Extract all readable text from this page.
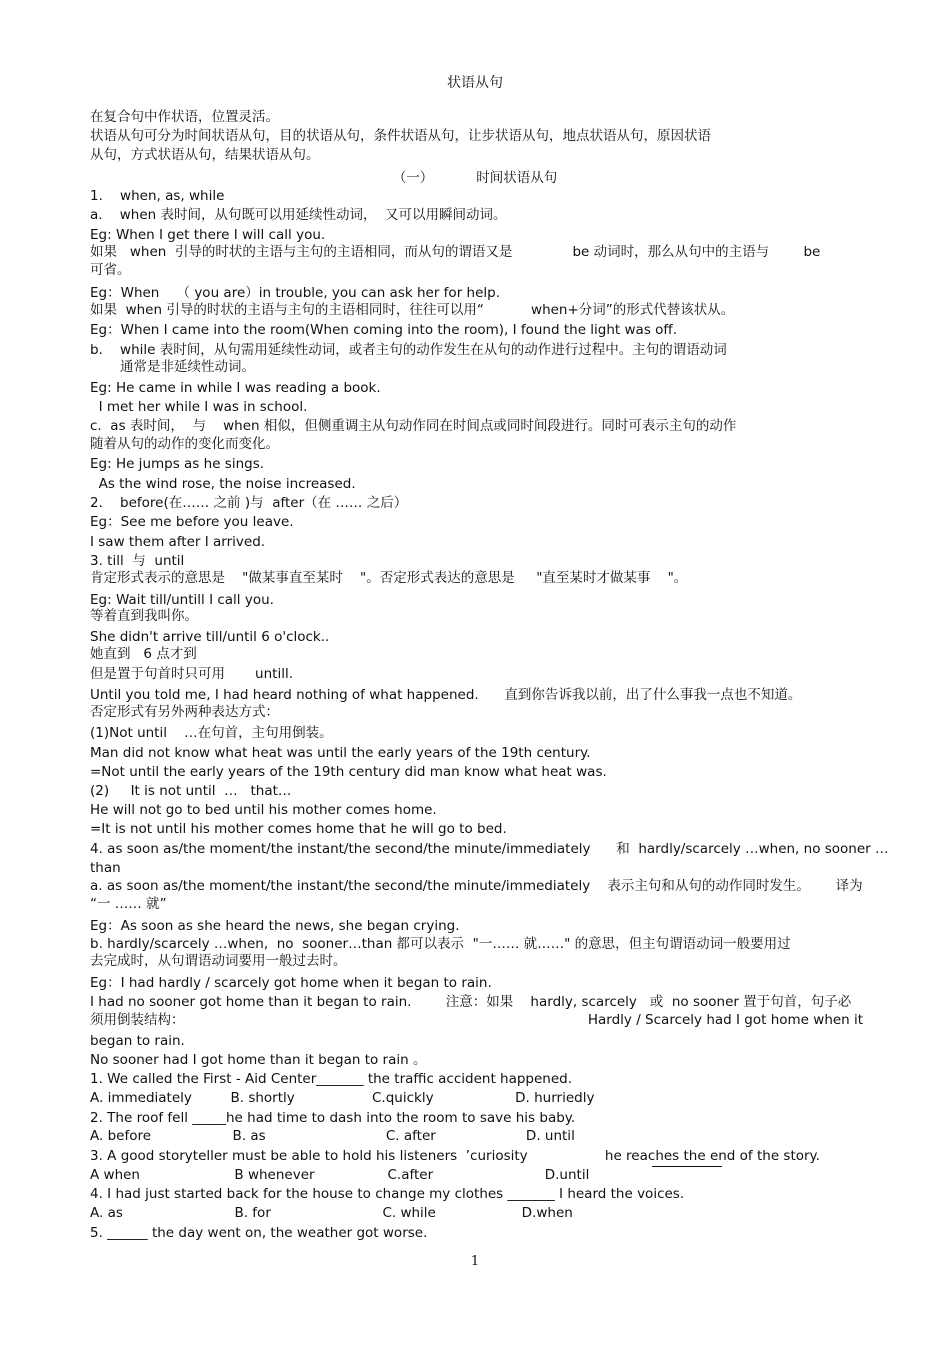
状语从句
（一）          时间状语从句
在复合句中作状语，位置灵活。
状语从句可分为时间状语从句，目的状语从句，条件状语从句，让步状语从句，地点状语从句，原因状语
从句，方式状语从句，结果状语从句。
1.    when, as, while
a.    when 表时间，从句既可以用延续性动词，  又可以用瞬间动词。
Eg: When I get there I will call you.
如果   when  引导的时状的主语与主句的主语相同，而从句的谓语又是              be 动词时，那么从句中的主语与        be
可省。
Eg：When    （ you are）in trouble, you can ask her for help.
如果  when 引导的时状的主语与主句的主语相同时，往往可以用“           when+分词”的形式代替该状从。
Eg：When I came into the room(When coming into the room), I found the light was off.
b.    while 表时间，从句需用延续性动词，或者主句的动作发生在从句的动作进行过程中。主句的谓语动词
通常是非延续性动词。
Eg: He came in while I was reading a book.
I met her while I was in school.
c.  as 表时间，  与    when 相似，但侧重调主从句动作同在时间点或同时间段进行。同时可表示主句的动作
随着从句的动作的变化而变化。
Eg: He jumps as he sings.
As the wind rose, the noise increased.
2.    before(在…… 之前 )与  after（在 …… 之后）
Eg：See me before you leave.
I saw them after I arrived.
3. till  与  until
肯定形式表示的意思是    "做某事直至某时    "。否定形式表达的意思是     "直至某时才做某事    "。
Eg: Wait till/untill I call you.
等着直到我叫你。
She didn't arrive till/until 6 o'clock..
她直到   6 点才到
但是置于句首时只可用       untill.
Until you told me, I had heard nothing of what happened.      直到你告诉我以前，出了什么事我一点也不知道。
否定形式有另外两种表达方式：
(1)Not until    …在句首，主句用倒装。
Man did not know what heat was until the early years of the 19th century.
=Not until the early years of the 19th century did man know what heat was.
(2)     It is not until  …   that…
He will not go to bed until his mother comes home.
=It is not until his mother comes home that he will go to bed.
4. as soon as/the moment/the instant/the second/the minute/immediately      和  hardly/scarcely …when, no sooner …
than
a. as soon as/the moment/the instant/the second/the minute/immediately    表示主句和从句的动作同时发生。      译为
“一 …… 就”
Eg：As soon as she heard the news, she began crying.
b. hardly/scarcely …when,  no  sooner…than 都可以表示  "一…… 就……" 的意思，但主句谓语动词一般要用过
去完成时，从句谓语动词要用一般过去时。
Eg：I had hardly / scarcely got home when it began to rain.
I had no sooner got home than it began to rain.        注意：如果    hardly, scarcely   或  no sooner 置于句首，句子必
须用倒装结构：                                                                                              Hardly / Scarcely had I got home when it
began to rain.
No sooner had I got home than it began to rain 。
1. We called the First - Aid Center_______ the traffic accident happened.
A. immediately         B. shortly                  C.quickly                   D. hurriedly
2. The roof fell _____he had time to dash into the room to save his baby.
A. before                   B. as                            C. after                     D. until
3. A good storyteller must be able to hold his listeners  ’curiosity                  he reaches the end of the story.
A when                      B whenever                 C.after                          D.until
4. I had just started back for the house to change my clothes _______ I heard the voices.
A. as                          B. for                          C. while                    D.when
5. ______ the day went on, the weather got worse.
1
